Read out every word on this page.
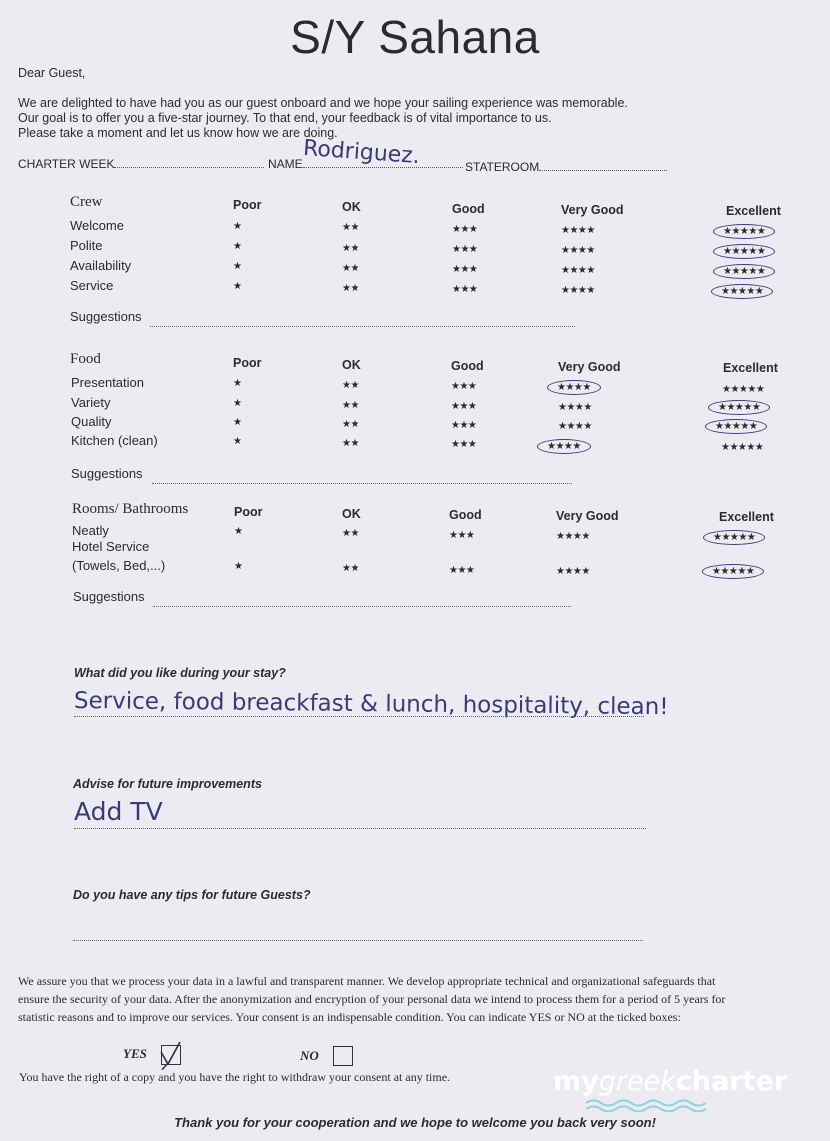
S/Y Sahana
Dear Guest,
We are delighted to have had you as our guest onboard and we hope your sailing experience was memorable.
Our goal is to offer you a five-star journey. To that end, your feedback is of vital importance to us.
Please take a moment and let us know how we are doing.
CHARTER WEEK	NAME Rodriguez.	STATEROOM
Crew	Poor	OK	Good	Very Good	Excellent
Welcome	★	★★	★★★	★★★★	★★★★★
Polite	★	★★	★★★	★★★★	★★★★★
Availability	★	★★	★★★	★★★★	★★★★★
Service	★	★★	★★★	★★★★	★★★★★
Suggestions
Food	Poor	OK	Good	Very Good	Excellent
Presentation	★	★★	★★★	★★★★	★★★★★
Variety	★	★★	★★★	★★★★	★★★★★
Quality	★	★★	★★★	★★★★	★★★★★
Kitchen (clean)	★	★★	★★★	★★★★	★★★★★
Suggestions
Rooms/ Bathrooms	Poor	OK	Good	Very Good	Excellent
Neatly	★	★★	★★★	★★★★	★★★★★
Hotel Service
(Towels, Bed,...)	★	★★	★★★	★★★★	★★★★★
Suggestions
What did you like during your stay?
Service, food breackfast & lunch, hospitality, clean!
Advise for future improvements
Add TV
Do you have any tips for future Guests?
We assure you that we process your data in a lawful and transparent manner. We develop appropriate technical and organizational safeguards that
ensure the security of your data. After the anonymization and encryption of your personal data we intend to process them for a period of 5 years for
statistic reasons and to improve our services. Your consent is an indispensable condition. You can indicate YES or NO at the ticked boxes:
YES	NO
You have the right of a copy and you have the right to withdraw your consent at any time.	mygreekcharter
Thank you for your cooperation and we hope to welcome you back very soon!
